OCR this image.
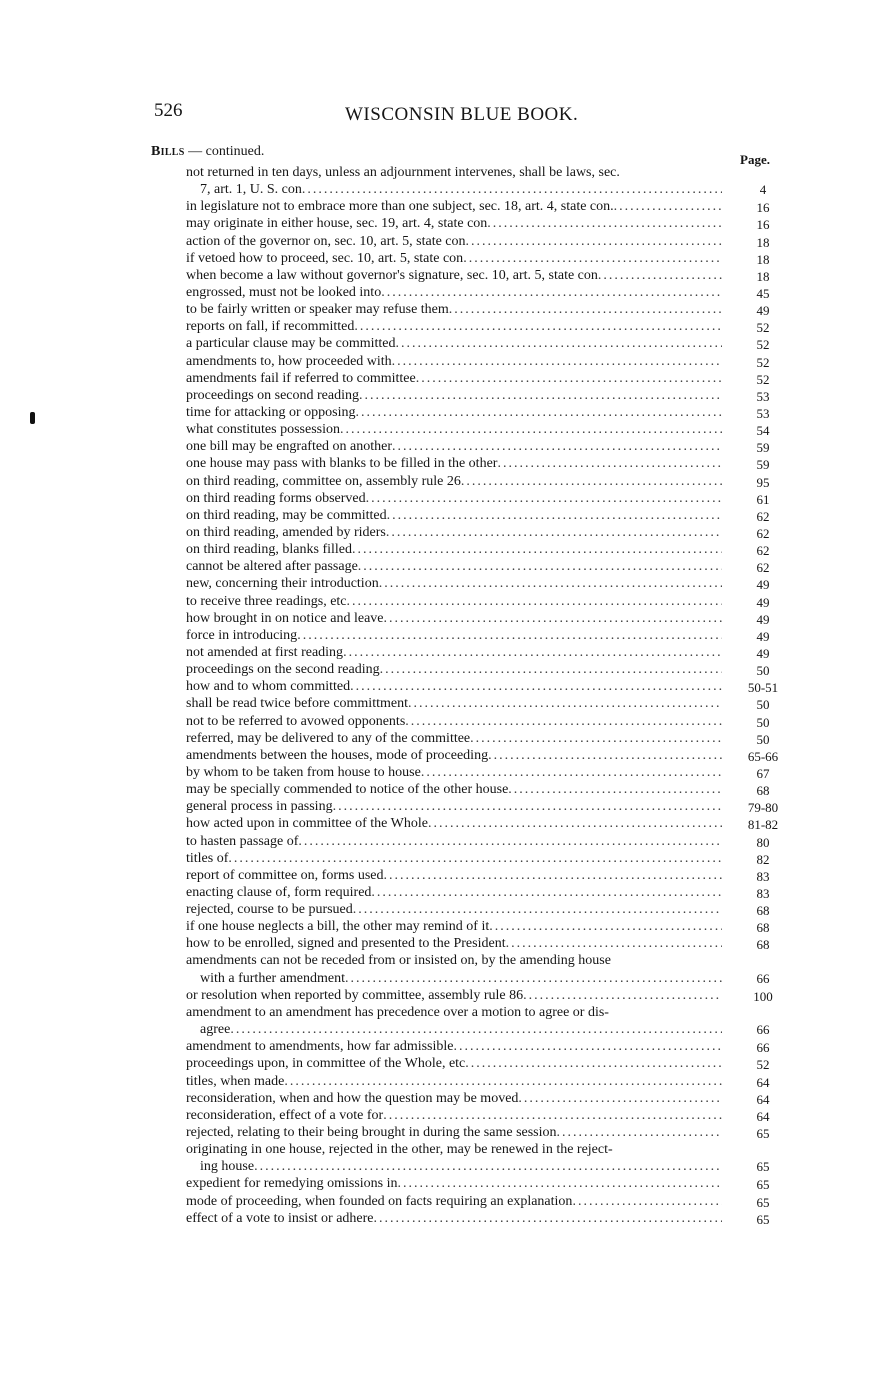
526	WISCONSIN BLUE BOOK.
Bills — continued.
Page.
not returned in ten days, unless an adjournment intervenes, shall be laws, sec.
7, art. 1, U. S. con .....	4
in legislature not to embrace more than one subject, sec. 18, art. 4, state con. .....	16
may originate in either house, sec. 19, art. 4, state con .....	16
action of the governor on, sec. 10, art. 5, state con .....	18
if vetoed how to proceed, sec. 10, art. 5, state con .....	18
when become a law without governor's signature, sec. 10, art. 5, state con .....	18
engrossed, must not be looked into .....	45
to be fairly written or speaker may refuse them .....	49
reports on fall, if recommitted .....	52
a particular clause may be committed .....	52
amendments to, how proceeded with .....	52
amendments fail if referred to committee .....	52
proceedings on second reading .....	53
time for attacking or opposing .....	53
what constitutes possession .....	54
one bill may be engrafted on another .....	59
one house may pass with blanks to be filled in the other .....	59
on third reading, committee on, assembly rule 26 .....	95
on third reading forms observed .....	61
on third reading, may be committed .....	62
on third reading, amended by riders .....	62
on third reading, blanks filled .....	62
cannot be altered after passage .....	62
new, concerning their introduction .....	49
to receive three readings, etc .....	49
how brought in on notice and leave .....	49
force in introducing .....	49
not amended at first reading .....	49
proceedings on the second reading .....	50
how and to whom committed .....	50-51
shall be read twice before committment .....	50
not to be referred to avowed opponents .....	50
referred, may be delivered to any of the committee .....	50
amendments between the houses, mode of proceeding .....	65-66
by whom to be taken from house to house .....	67
may be specially commended to notice of the other house .....	68
general process in passing .....	79-80
how acted upon in committee of the Whole .....	81-82
to hasten passage of .....	80
titles of .....	82
report of committee on, forms used .....	83
enacting clause of, form required .....	83
rejected, course to be pursued .....	68
if one house neglects a bill, the other may remind of it .....	68
how to be enrolled, signed and presented to the President .....	68
amendments can not be receded from or insisted on, by the amending house
with a further amendment .....	66
or resolution when reported by committee, assembly rule 86 .....	100
amendment to an amendment has precedence over a motion to agree or dis-
agree .....	66
amendment to amendments, how far admissible .....	66
proceedings upon, in committee of the Whole, etc .....	52
titles, when made .....	64
reconsideration, when and how the question may be moved .....	64
reconsideration, effect of a vote for .....	64
rejected, relating to their being brought in during the same session .....	65
originating in one house, rejected in the other, may be renewed in the reject-
ing house .....	65
expedient for remedying omissions in .....	65
mode of proceeding, when founded on facts requiring an explanation .....	65
effect of a vote to insist or adhere .....	65
